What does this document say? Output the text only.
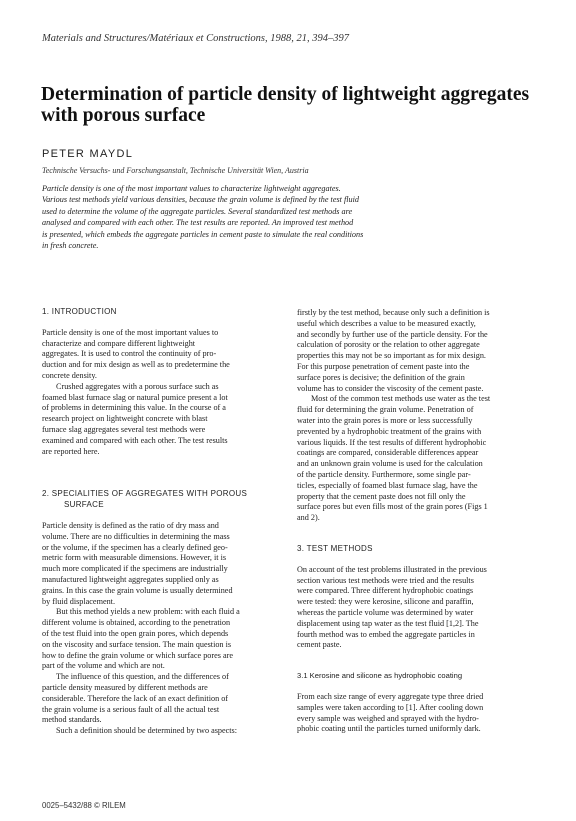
Materials and Structures/Matériaux et Constructions, 1988, 21, 394–397
Determination of particle density of lightweight aggregates with porous surface
PETER MAYDL
Technische Versuchs- und Forschungsanstalt, Technische Universität Wien, Austria
Particle density is one of the most important values to characterize lightweight aggregates.
Various test methods yield various densities, because the grain volume is defined by the test fluid
used to determine the volume of the aggregate particles. Several standardized test methods are
analysed and compared with each other. The test results are reported. An improved test method
is presented, which embeds the aggregate particles in cement paste to simulate the real conditions
in fresh concrete.
1. INTRODUCTION
Particle density is one of the most important values to
characterize and compare different lightweight
aggregates. It is used to control the continuity of pro-
duction and for mix design as well as to predetermine the
concrete density.
Crushed aggregates with a porous surface such as
foamed blast furnace slag or natural pumice present a lot
of problems in determining this value. In the course of a
research project on lightweight concrete with blast
furnace slag aggregates several test methods were
examined and compared with each other. The test results
are reported here.
2. SPECIALITIES OF AGGREGATES WITH POROUS
SURFACE
Particle density is defined as the ratio of dry mass and
volume. There are no difficulties in determining the mass
or the volume, if the specimen has a clearly defined geo-
metric form with measurable dimensions. However, it is
much more complicated if the specimens are industrially
manufactured lightweight aggregates supplied only as
grains. In this case the grain volume is usually determined
by fluid displacement.
But this method yields a new problem: with each fluid a
different volume is obtained, according to the penetration
of the test fluid into the open grain pores, which depends
on the viscosity and surface tension. The main question is
how to define the grain volume or which surface pores are
part of the volume and which are not.
The influence of this question, and the differences of
particle density measured by different methods are
considerable. Therefore the lack of an exact definition of
the grain volume is a serious fault of all the actual test
method standards.
Such a definition should be determined by two aspects:
firstly by the test method, because only such a definition is
useful which describes a value to be measured exactly,
and secondly by further use of the particle density. For the
calculation of porosity or the relation to other aggregate
properties this may not be so important as for mix design.
For this purpose penetration of cement paste into the
surface pores is decisive; the definition of the grain
volume has to consider the viscosity of the cement paste.
Most of the common test methods use water as the test
fluid for determining the grain volume. Penetration of
water into the grain pores is more or less successfully
prevented by a hydrophobic treatment of the grains with
various liquids. If the test results of different hydrophobic
coatings are compared, considerable differences appear
and an unknown grain volume is used for the calculation
of the particle density. Furthermore, some single par-
ticles, especially of foamed blast furnace slag, have the
property that the cement paste does not fill only the
surface pores but even fills most of the grain pores (Figs 1
and 2).
3. TEST METHODS
On account of the test problems illustrated in the previous
section various test methods were tried and the results
were compared. Three different hydrophobic coatings
were tested: they were kerosine, silicone and paraffin,
whereas the particle volume was determined by water
displacement using tap water as the test fluid [1,2]. The
fourth method was to embed the aggregate particles in
cement paste.
3.1 Kerosine and silicone as hydrophobic coating
From each size range of every aggregate type three dried
samples were taken according to [1]. After cooling down
every sample was weighed and sprayed with the hydro-
phobic coating until the particles turned uniformly dark.
0025–5432/88 © RILEM
